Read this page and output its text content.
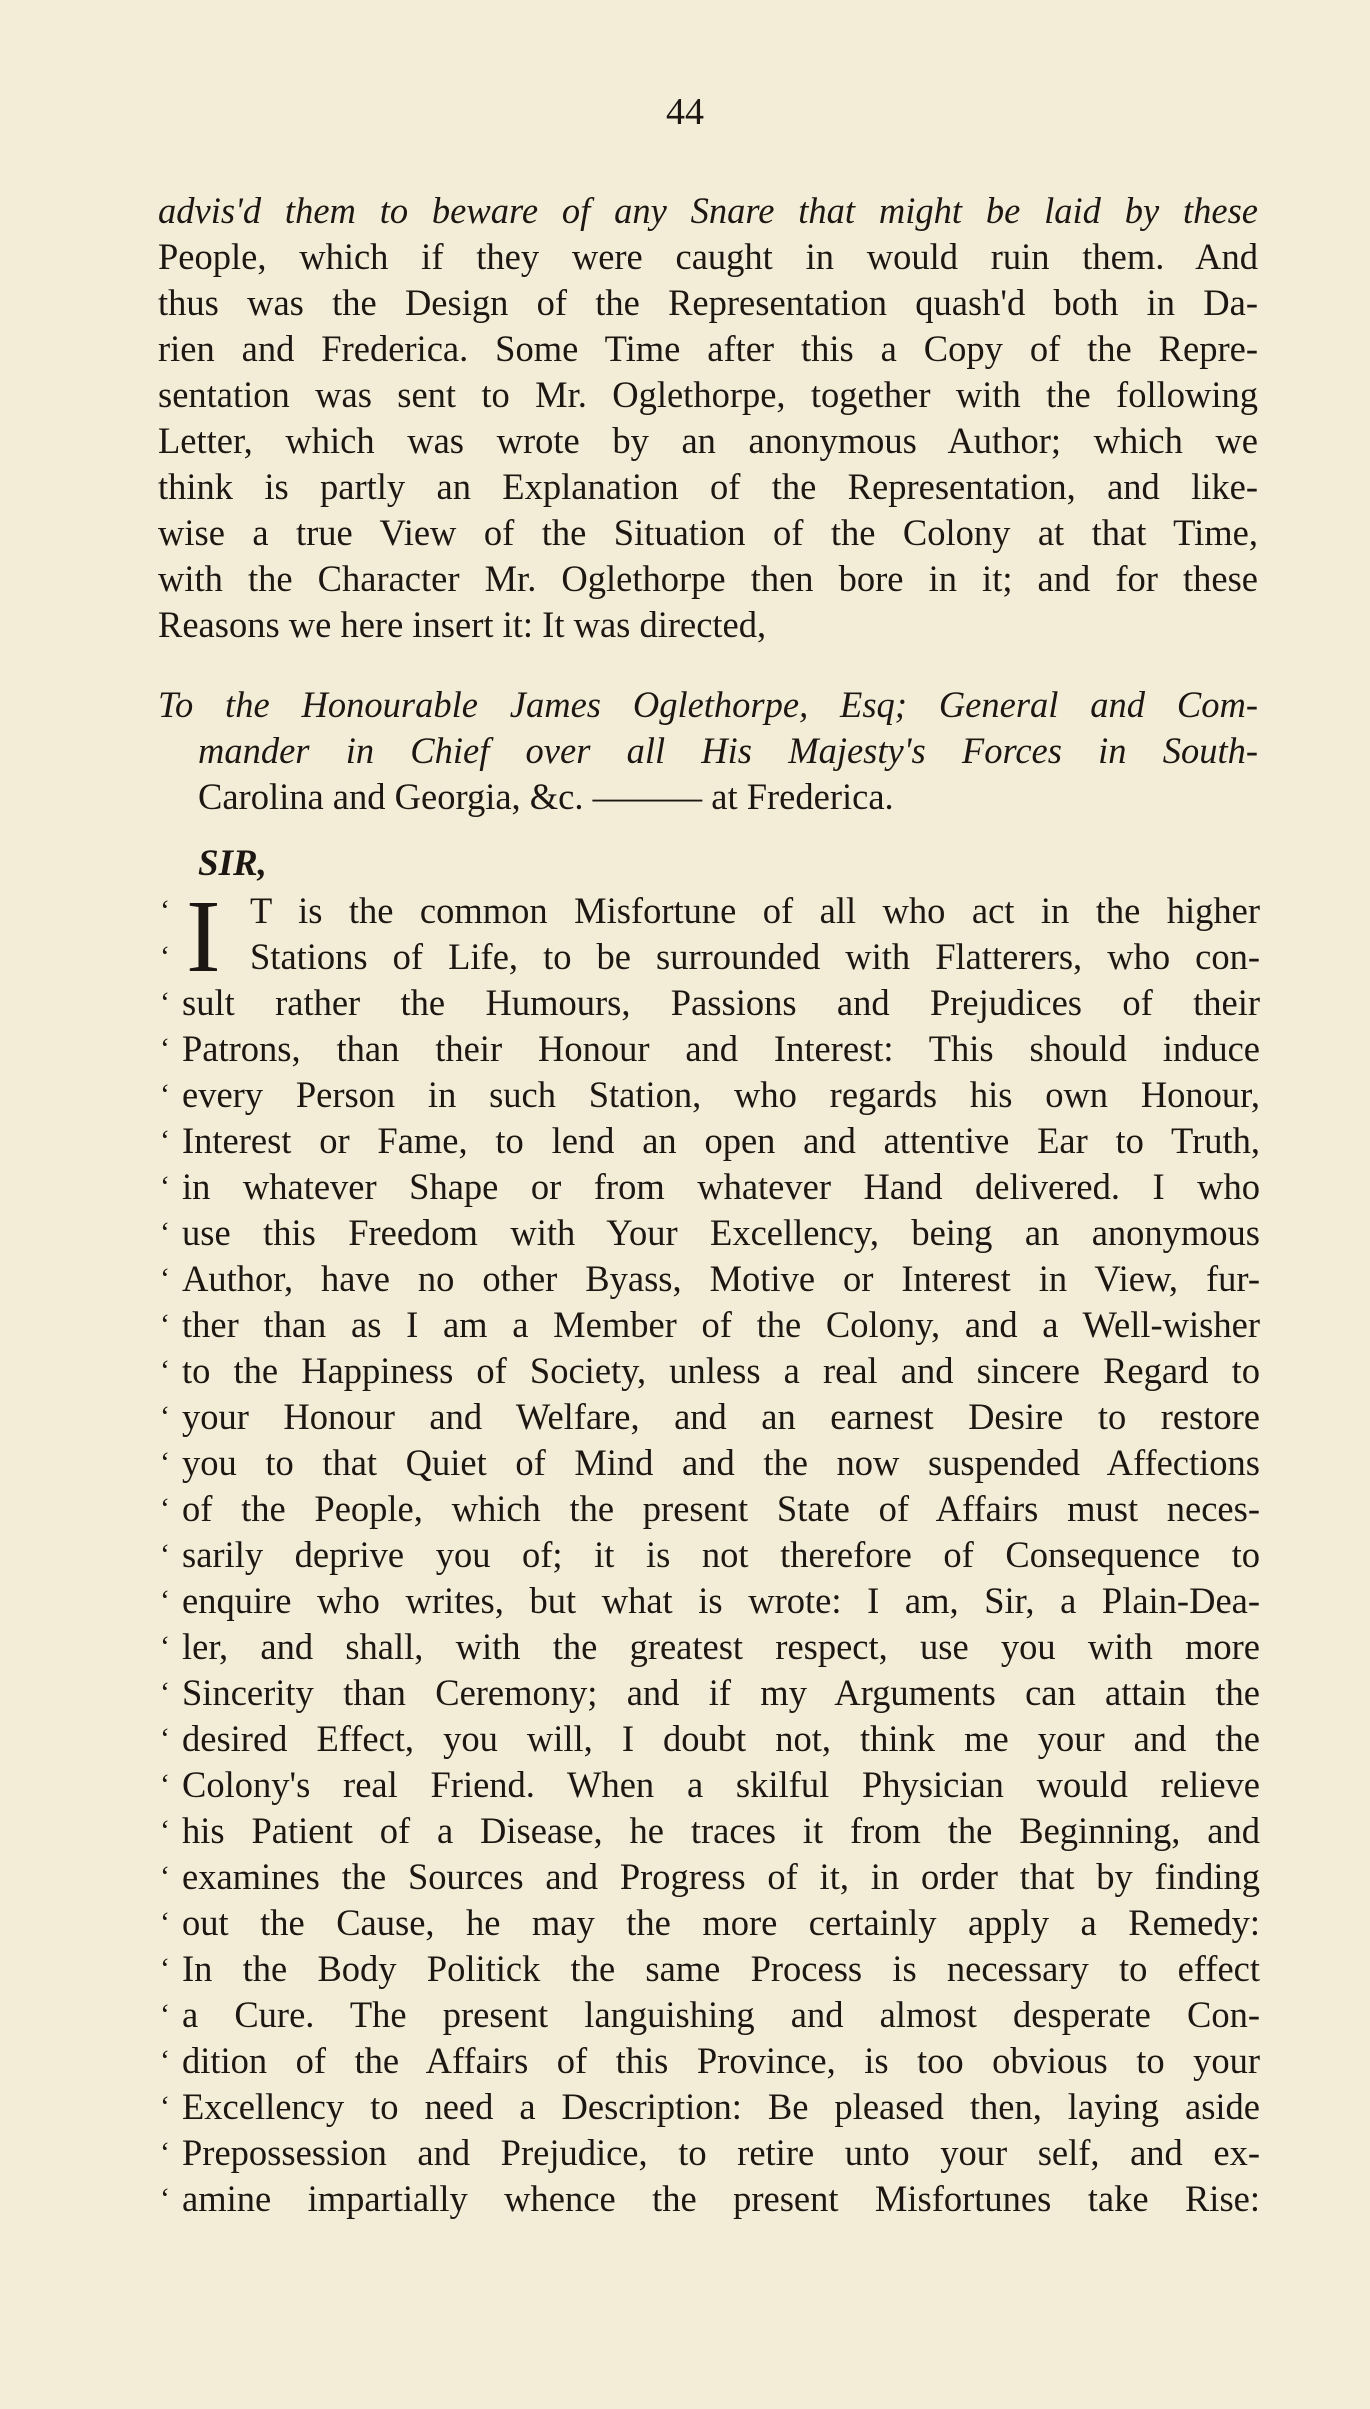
44
advis'd them to beware of any Snare that might be laid by these
People, which if they were caught in would ruin them. And
thus was the Design of the Representation quash'd both in Da-
rien and Frederica. Some Time after this a Copy of the Repre-
sentation was sent to Mr. Oglethorpe, together with the following
Letter, which was wrote by an anonymous Author; which we
think is partly an Explanation of the Representation, and like-
wise a true View of the Situation of the Colony at that Time,
with the Character Mr. Oglethorpe then bore in it; and for these
Reasons we here insert it: It was directed,
To the Honourable James Oglethorpe, Esq; General and Com-
mander in Chief over all His Majesty's Forces in South-
Carolina and Georgia, &c. ——— at Frederica.
SIR,
I
‘ T is the common Misfortune of all who act in the higher
‘ Stations of Life, to be surrounded with Flatterers, who con-
‘ sult rather the Humours, Passions and Prejudices of their
‘ Patrons, than their Honour and Interest: This should induce
‘ every Person in such Station, who regards his own Honour,
‘ Interest or Fame, to lend an open and attentive Ear to Truth,
‘ in whatever Shape or from whatever Hand delivered. I who
‘ use this Freedom with Your Excellency, being an anonymous
‘ Author, have no other Byass, Motive or Interest in View, fur-
‘ ther than as I am a Member of the Colony, and a Well-wisher
‘ to the Happiness of Society, unless a real and sincere Regard to
‘ your Honour and Welfare, and an earnest Desire to restore
‘ you to that Quiet of Mind and the now suspended Affections
‘ of the People, which the present State of Affairs must neces-
‘ sarily deprive you of; it is not therefore of Consequence to
‘ enquire who writes, but what is wrote: I am, Sir, a Plain-Dea-
‘ ler, and shall, with the greatest respect, use you with more
‘ Sincerity than Ceremony; and if my Arguments can attain the
‘ desired Effect, you will, I doubt not, think me your and the
‘ Colony's real Friend. When a skilful Physician would relieve
‘ his Patient of a Disease, he traces it from the Beginning, and
‘ examines the Sources and Progress of it, in order that by finding
‘ out the Cause, he may the more certainly apply a Remedy:
‘ In the Body Politick the same Process is necessary to effect
‘ a Cure. The present languishing and almost desperate Con-
‘ dition of the Affairs of this Province, is too obvious to your
‘ Excellency to need a Description: Be pleased then, laying aside
‘ Prepossession and Prejudice, to retire unto your self, and ex-
‘ amine impartially whence the present Misfortunes take Rise:
